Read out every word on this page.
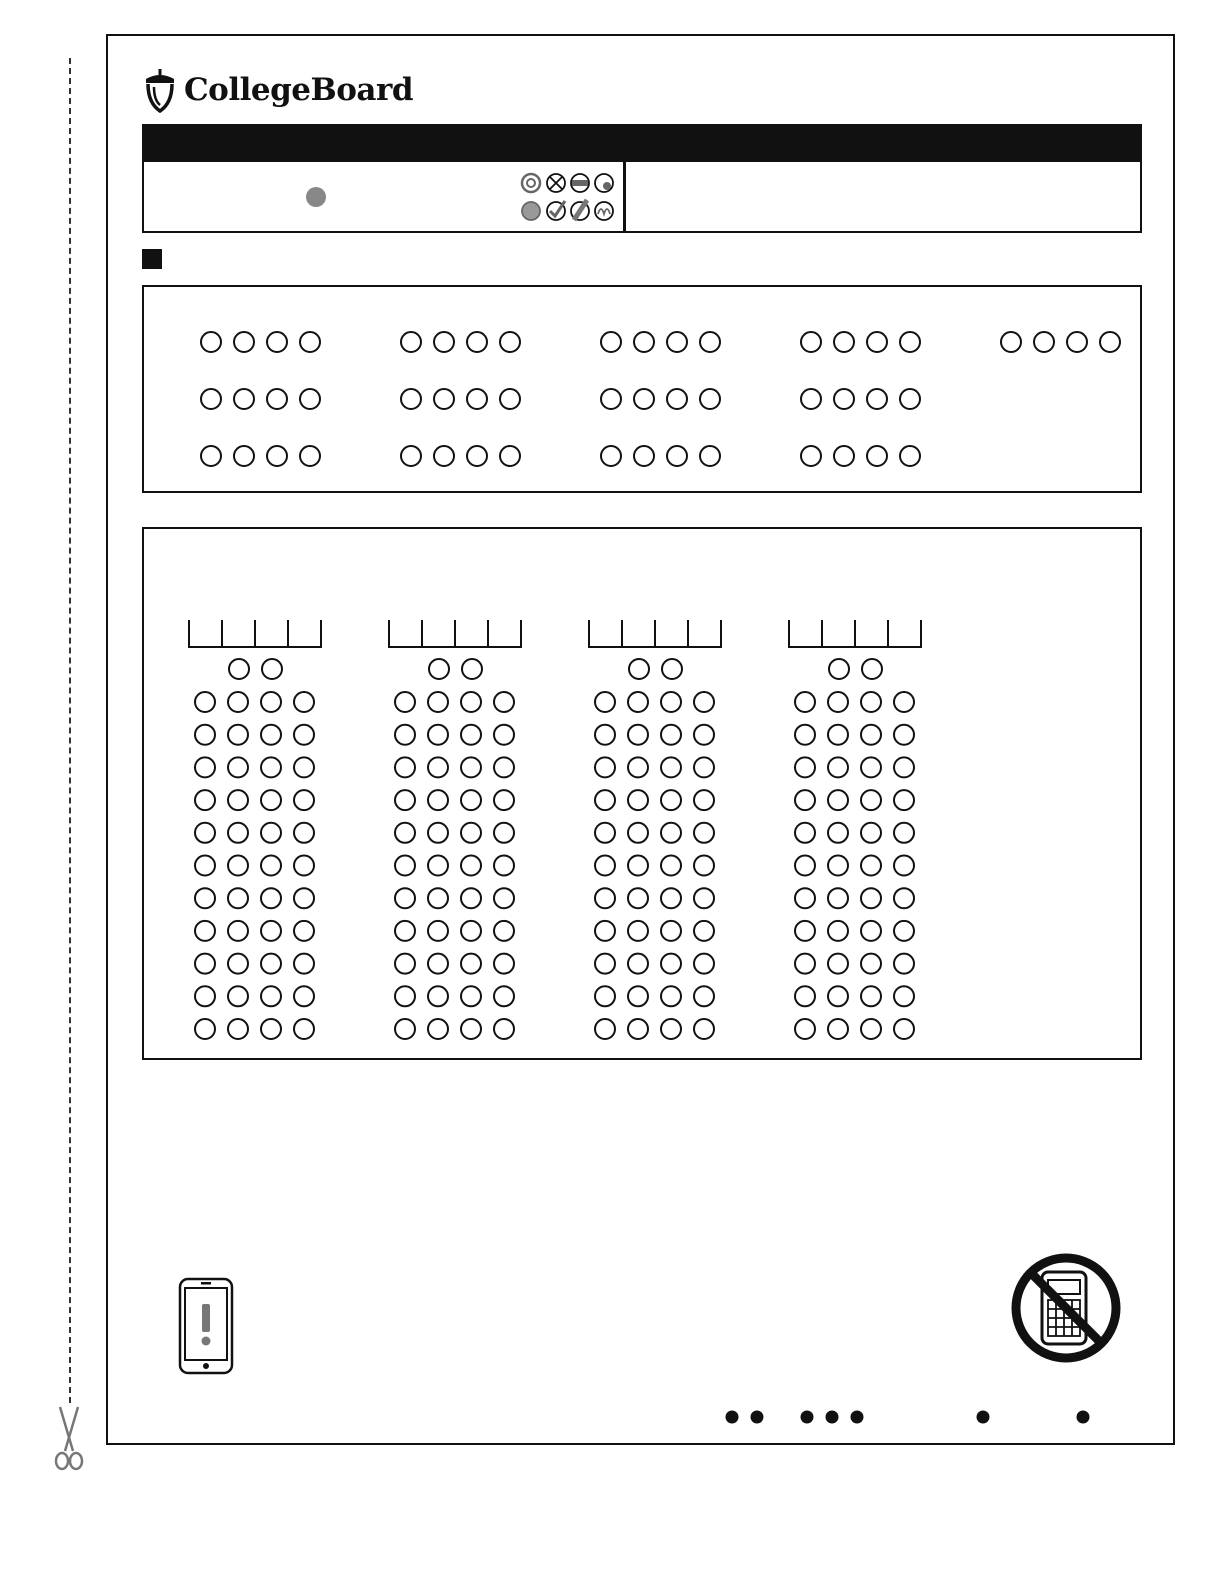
CollegeBoard
